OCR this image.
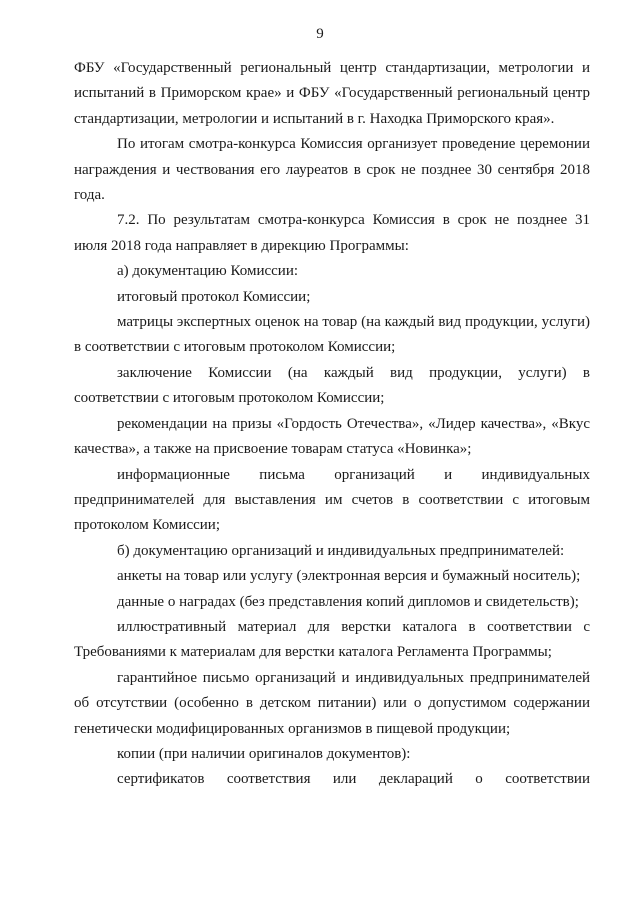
9

ФБУ «Государственный региональный центр стандартизации, метрологии и испытаний в Приморском крае» и ФБУ «Государственный региональный центр стандартизации, метрологии и испытаний в г. Находка Приморского края».

По итогам смотра-конкурса Комиссия организует проведение церемонии награждения и чествования его лауреатов в срок не позднее 30 сентября 2018 года.

7.2. По результатам смотра-конкурса Комиссия в срок не позднее 31 июля 2018 года направляет в дирекцию Программы:

а) документацию Комиссии:

итоговый протокол Комиссии;

матрицы экспертных оценок на товар (на каждый вид продукции, услуги) в соответствии с итоговым протоколом Комиссии;

заключение Комиссии (на каждый вид продукции, услуги) в соответствии с итоговым протоколом Комиссии;

рекомендации на призы «Гордость Отечества», «Лидер качества», «Вкус качества», а также на присвоение товарам статуса «Новинка»;

информационные письма организаций и индивидуальных предпринимателей для выставления им счетов в соответствии с итоговым протоколом Комиссии;

б) документацию организаций и индивидуальных предпринимателей:

анкеты на товар или услугу (электронная версия и бумажный носитель);

данные о наградах (без представления копий дипломов и свидетельств);

иллюстративный материал для верстки каталога в соответствии с Требованиями к материалам для верстки каталога Регламента Программы;

гарантийное письмо организаций и индивидуальных предпринимателей об отсутствии (особенно в детском питании) или о допустимом содержании генетически модифицированных организмов в пищевой продукции;

копии (при наличии оригиналов документов):

сертификатов соответствия или деклараций о соответствии
